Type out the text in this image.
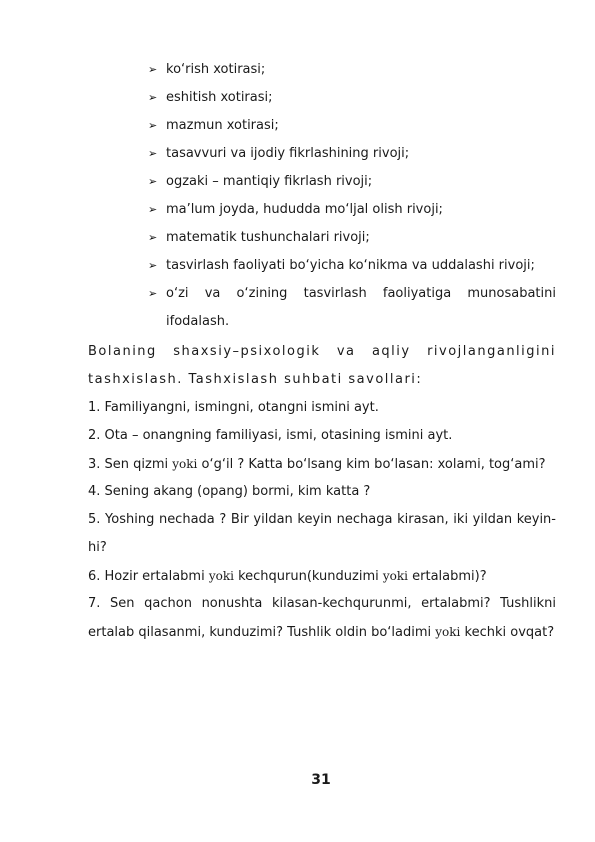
➢ ko‘rish xotirasi;
➢ eshitish xotirasi;
➢ mazmun xotirasi;
➢ tasavvuri va ijodiy fikrlashining rivoji;
➢ ogzaki – mantiqiy fikrlash rivoji;
➢ ma’lum joyda, hududda mo‘ljal olish rivoji;
➢ matematik tushunchalari rivoji;
➢ tasvirlash faoliyati bo‘yicha ko‘nikma va uddalashi rivoji;
➢ o‘zi va o‘zining tasvirlash faoliyatiga munosabatini ifodalash.

Bolaning shaxsiy–psixologik va aqliy rivojlanganligini tashxislash. Tashxislash suhbati savollari:

1. Familiyangni, ismingni, otangni ismini ayt.

2. Ota – onangning familiyasi, ismi, otasining ismini ayt.

3. Sen qizmi yoki o‘g‘il ? Katta bo‘lsang kim bo‘lasan: xolami, tog‘ami?

4. Sening akang (opang) bormi, kim katta ?

5. Yoshing nechada ? Bir yildan keyin nechaga kirasan, iki yildan keyin-hi?

6. Hozir ertalabmi yoki kechqurun(kunduzimi yoki ertalabmi)?

7. Sen qachon nonushta kilasan-kechqurunmi, ertalabmi? Tushlikni ertalab qilasanmi, kunduzimi? Tushlik oldin bo‘ladimi yoki kechki ovqat?

31
